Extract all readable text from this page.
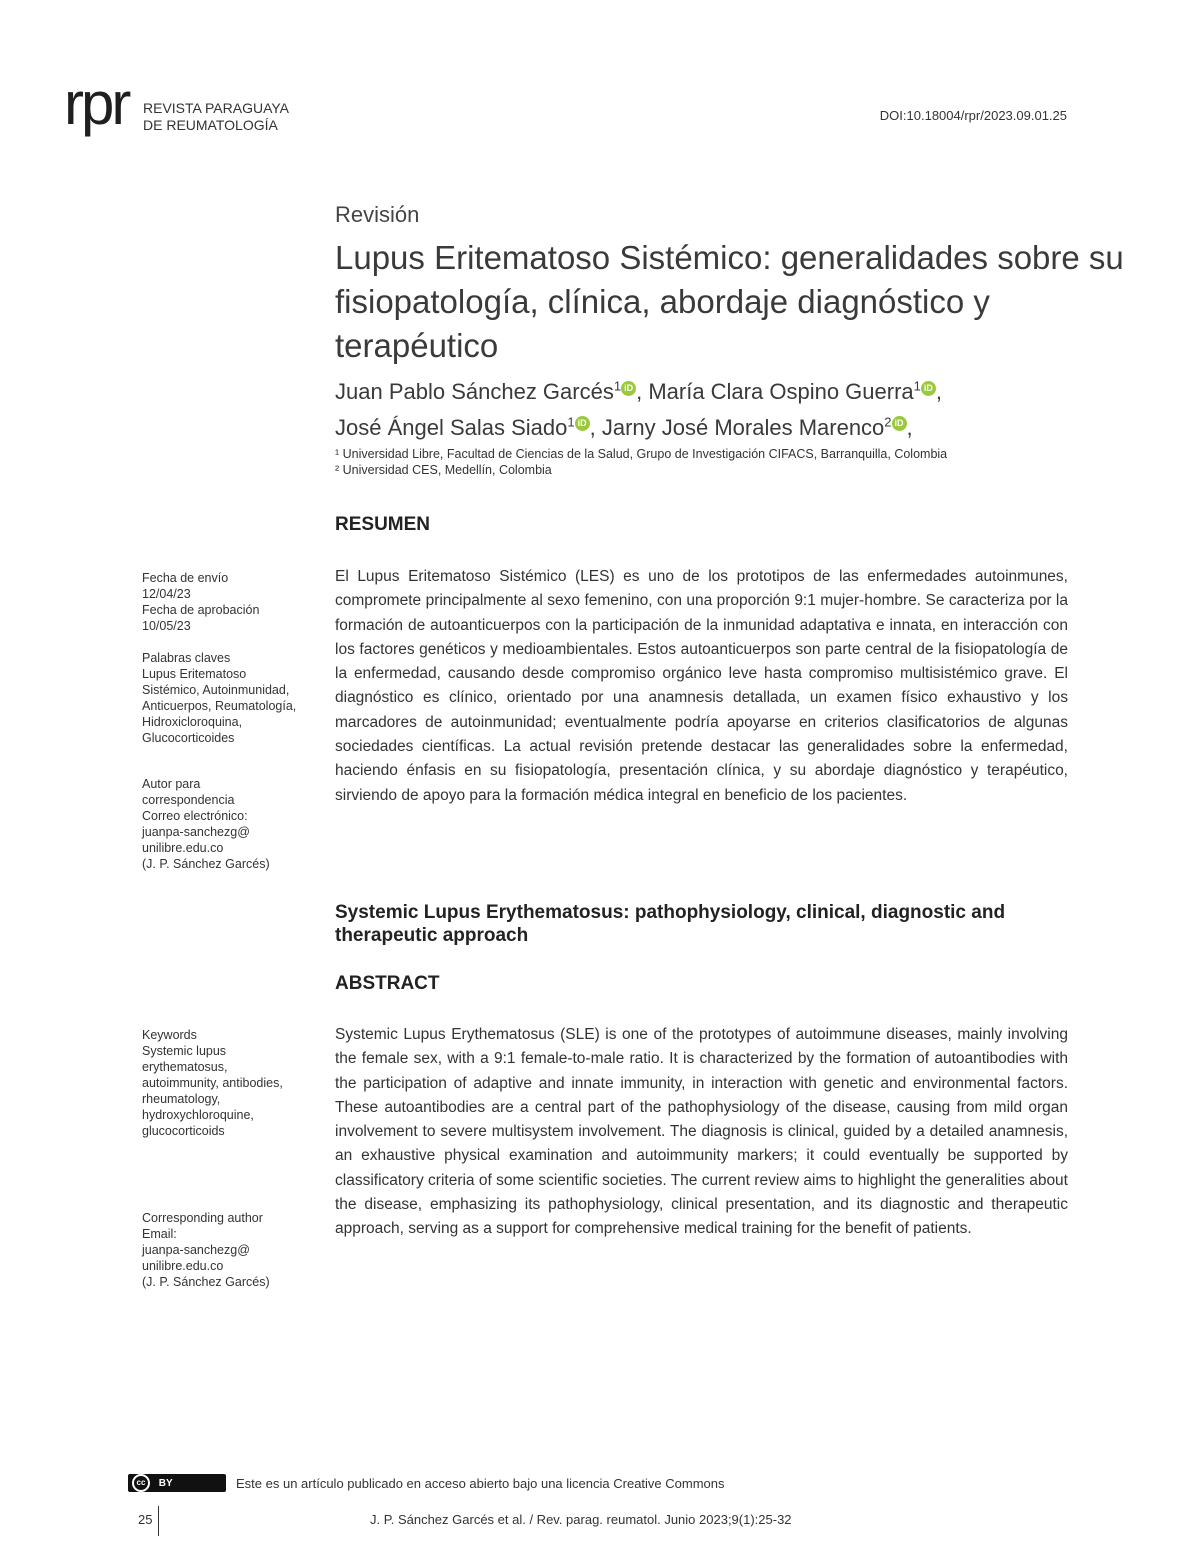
rpr REVISTA PARAGUAYA
DE REUMATOLOGÍA
DOI:10.18004/rpr/2023.09.01.25
Revisión
Lupus Eritematoso Sistémico: generalidades sobre su fisiopatología, clínica, abordaje diagnóstico y terapéutico
Juan Pablo Sánchez Garcés$^1$ iD , María Clara Ospino Guerra$^1$ iD , José Ángel Salas Siado$^1$ iD , Jarny José Morales Marenco$^2$ iD ,
¹ Universidad Libre, Facultad de Ciencias de la Salud, Grupo de Investigación CIFACS, Barranquilla, Colombia
² Universidad CES, Medellín, Colombia
RESUMEN

El Lupus Eritematoso Sistémico (LES) es uno de los prototipos de las enfermedades autoinmunes, compromete principalmente al sexo femenino, con una proporción 9:1 mujer-hombre. Se caracteriza por la formación de autoanticuerpos con la participación de la inmunidad adaptativa e innata, en interacción con los factores genéticos y medioambientales. Estos autoanticuerpos son parte central de la fisiopatología de la enfermedad, causando desde compromiso orgánico leve hasta compromiso multisistémico grave. El diagnóstico es clínico, orientado por una anamnesis detallada, un examen físico exhaustivo y los marcadores de autoinmunidad; eventualmente podría apoyarse en criterios clasificatorios de algunas sociedades científicas. La actual revisión pretende destacar las generalidades sobre la enfermedad, haciendo énfasis en su fisiopatología, presentación clínica, y su abordaje diagnóstico y terapéutico, sirviendo de apoyo para la formación médica integral en beneficio de los pacientes.

Systemic Lupus Erythematosus: pathophysiology, clinical, diagnostic and therapeutic approach
ABSTRACT

Systemic Lupus Erythematosus (SLE) is one of the prototypes of autoimmune diseases, mainly involving the female sex, with a 9:1 female-to-male ratio. It is characterized by the formation of autoantibodies with the participation of adaptive and innate immunity, in interaction with genetic and environmental factors. These autoantibodies are a central part of the pathophysiology of the disease, causing from mild organ involvement to severe multisystem involvement. The diagnosis is clinical, guided by a detailed anamnesis, an exhaustive physical examination and autoimmunity markers; it could eventually be supported by classificatory criteria of some scientific societies. The current review aims to highlight the generalities about the disease, emphasizing its pathophysiology, clinical presentation, and its diagnostic and therapeutic approach, serving as a support for comprehensive medical training for the benefit of patients.

Fecha de envío
12/04/23
Fecha de aprobación
10/05/23
Palabras claves
Lupus Eritematoso Sistémico, Autoinmunidad, Anticuerpos, Reumatología, Hidroxicloroquina, Glucocorticoides
Autor para
correspondencia
Correo electrónico:
juanpa-sanchezg@
unilibre.edu.co
(J. P. Sánchez Garcés)
Keywords
Systemic lupus erythematosus, autoimmunity, antibodies, rheumatology, hydroxychloroquine, glucocorticoids
Corresponding author
Email:
juanpa-sanchezg@
unilibre.edu.co
(J. P. Sánchez Garcés)
cc BY	Este es un artículo publicado en acceso abierto bajo una licencia Creative Commons
25	J. P. Sánchez Garcés et al. / Rev. parag. reumatol. Junio 2023;9(1):25-32
